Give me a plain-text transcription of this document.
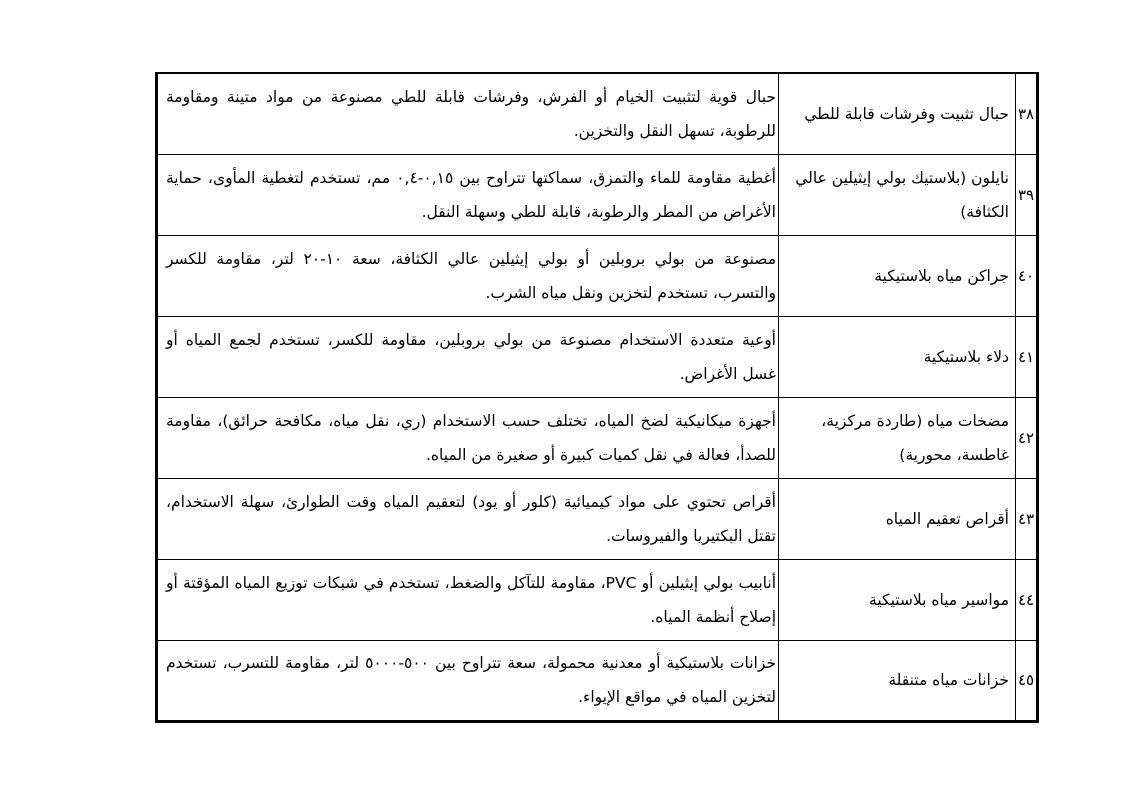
٣٨	حبال تثبيت وفرشات قابلة للطي	حبال قوية لتثبيت الخيام أو الفرش، وفرشات قابلة للطي مصنوعة من مواد متينة ومقاومة للرطوبة، تسهل النقل والتخزين.
٣٩	نايلون (بلاستيك بولي إيثيلين عالي الكثافة)	أغطية مقاومة للماء والتمزق، سماكتها تتراوح بين ٠,١٥-٠,٤ مم، تستخدم لتغطية المأوى، حماية الأغراض من المطر والرطوبة، قابلة للطي وسهلة النقل.
٤٠	جراكن مياه بلاستيكية	مصنوعة من بولي بروبلين أو بولي إيثيلين عالي الكثافة، سعة ١٠-٢٠ لتر، مقاومة للكسر والتسرب، تستخدم لتخزين ونقل مياه الشرب.
٤١	دلاء بلاستيكية	أوعية متعددة الاستخدام مصنوعة من بولي بروبلين، مقاومة للكسر، تستخدم لجمع المياه أو غسل الأغراض.
٤٢	مضخات مياه (طاردة مركزية، غاطسة، محورية)	أجهزة ميكانيكية لضخ المياه، تختلف حسب الاستخدام (ري، نقل مياه، مكافحة حرائق)، مقاومة للصدأ، فعالة في نقل كميات كبيرة أو صغيرة من المياه.
٤٣	أقراص تعقيم المياه	أقراص تحتوي على مواد كيميائية (كلور أو يود) لتعقيم المياه وقت الطوارئ، سهلة الاستخدام، تقتل البكتيريا والفيروسات.
٤٤	مواسير مياه بلاستيكية	أنابيب بولي إيثيلين أو PVC، مقاومة للتآكل والضغط، تستخدم في شبكات توزيع المياه المؤقتة أو إصلاح أنظمة المياه.
٤٥	خزانات مياه متنقلة	خزانات بلاستيكية أو معدنية محمولة، سعة تتراوح بين ٥٠٠-٥٠٠٠ لتر، مقاومة للتسرب، تستخدم لتخزين المياه في مواقع الإيواء.
